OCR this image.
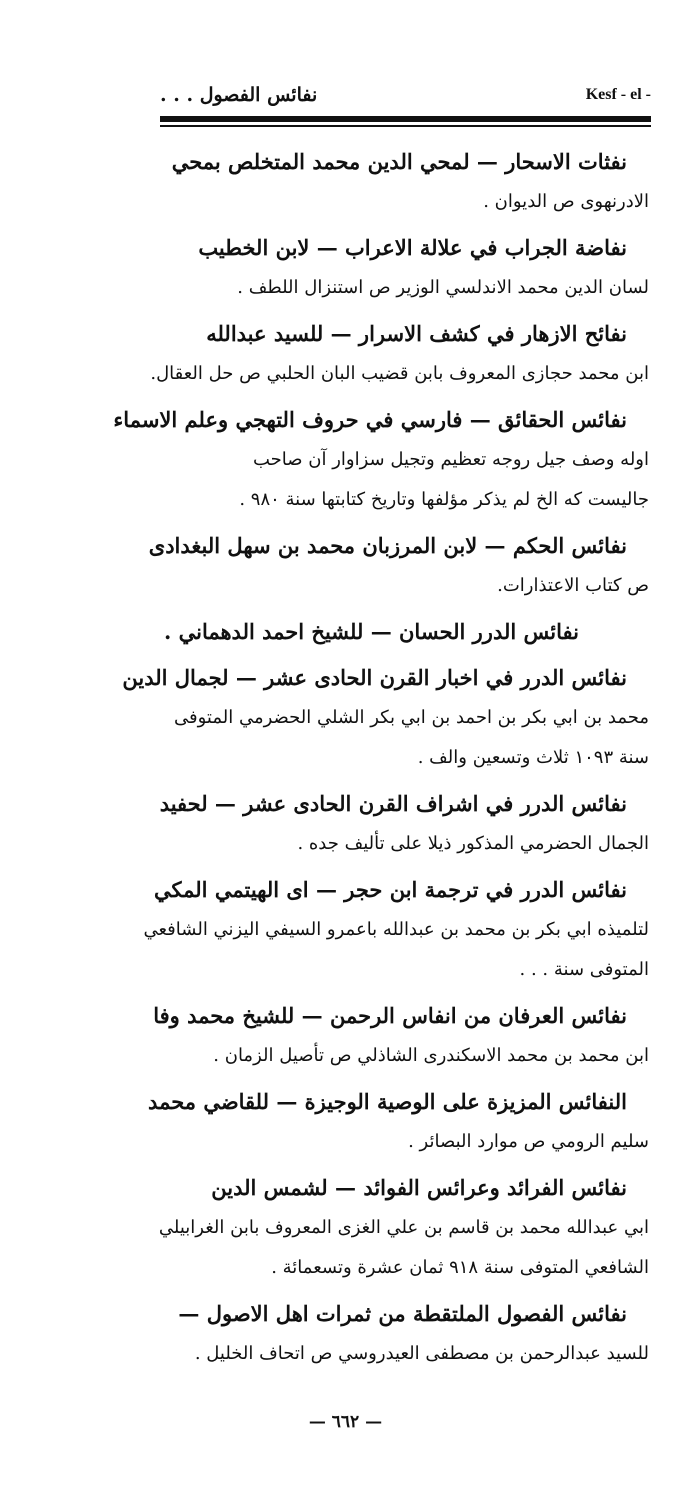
نفائس الفصول . . .	Kesf - el -
نفثات الاسحار — لمحي الدين محمد المتخلص بمحي
الادرنهوى ص الديوان .
نفاضة الجراب في علالة الاعراب — لابن الخطيب
لسان الدين محمد الاندلسي الوزير ص استنزال اللطف .
نفائح الازهار في كشف الاسرار — للسيد عبدالله
ابن محمد حجازى المعروف بابن قضيب البان الحلبي ص حل العقال.
نفائس الحقائق — فارسي في حروف التهجي وعلم الاسماء
اوله وصف جيل روجه تعظيم وتجيل سزاوار آن صاحب
جاليست كه الخ لم يذكر مؤلفها وتاريخ كتابتها سنة ٩٨٠ .
نفائس الحكم — لابن المرزبان محمد بن سهل البغدادى
ص كتاب الاعتذارات.
نفائس الدرر الحسان — للشيخ احمد الدهماني .
نفائس الدرر في اخبار القرن الحادى عشر — لجمال الدين
محمد بن ابي بكر بن احمد بن ابي بكر الشلي الحضرمي المتوفى
سنة ١٠٩٣ ثلاث وتسعين والف .
نفائس الدرر في اشراف القرن الحادى عشر — لحفيد
الجمال الحضرمي المذكور ذيلا على تأليف جده .
نفائس الدرر في ترجمة ابن حجر — اى الهيتمي المكي
لتلميذه ابي بكر بن محمد بن عبدالله باعمرو السيفي اليزني الشافعي
المتوفى سنة . . .
نفائس العرفان من انفاس الرحمن — للشيخ محمد وفا
ابن محمد بن محمد الاسكندرى الشاذلي ص تأصيل الزمان .
النفائس المزيزة على الوصية الوجيزة — للقاضي محمد
سليم الرومي ص موارد البصائر .
نفائس الفرائد وعرائس الفوائد — لشمس الدين
ابي عبدالله محمد بن قاسم بن علي الغزى المعروف بابن الغرابيلي
الشافعي المتوفى سنة ٩١٨ ثمان عشرة وتسعمائة .
نفائس الفصول الملتقطة من ثمرات اهل الاصول —
للسيد عبدالرحمن بن مصطفى العيدروسي ص اتحاف الخليل .
— ٦٦٢ —
